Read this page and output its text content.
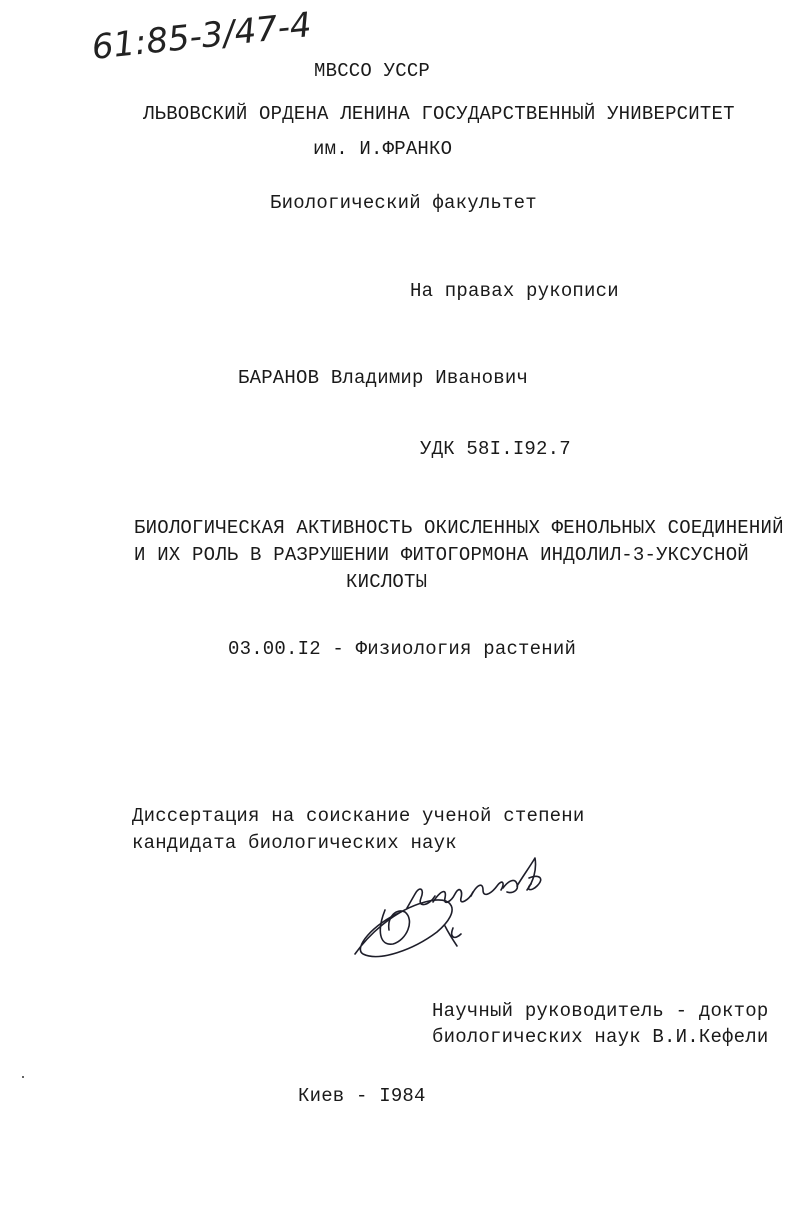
61:85-3/47-4
МВССО УССР
ЛЬВОВСКИЙ ОРДЕНА ЛЕНИНА ГОСУДАРСТВЕННЫЙ УНИВЕРСИТЕТ
им. И.ФРАНКО
Биологический факультет
На правах рукописи
БАРАНОВ Владимир Иванович
УДК 58I.I92.7
БИОЛОГИЧЕСКАЯ АКТИВНОСТЬ ОКИСЛЕННЫХ ФЕНОЛЬНЫХ СОЕДИНЕНИЙ
И ИХ РОЛЬ В РАЗРУШЕНИИ ФИТОГОРМОНА ИНДОЛИЛ-3-УКСУСНОЙ
КИСЛОТЫ
03.00.I2 - Физиология растений
Диссертация на соискание ученой степени
кандидата биологических наук
Научный руководитель - доктор
биологических наук В.И.Кефели
Киев - I984
